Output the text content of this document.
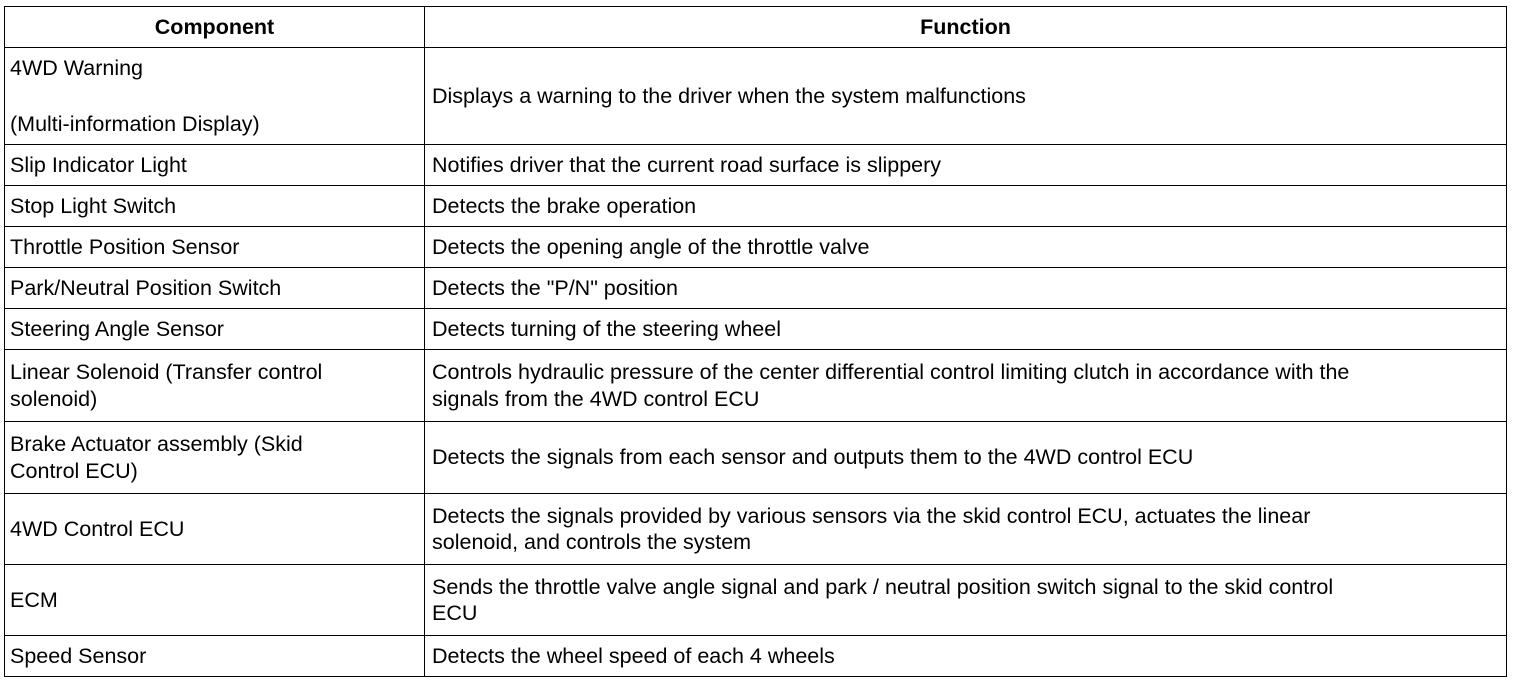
Component	Function

4WD Warning
(Multi-information Display)	Displays a warning to the driver when the system malfunctions
Slip Indicator Light	Notifies driver that the current road surface is slippery
Stop Light Switch	Detects the brake operation
Throttle Position Sensor	Detects the opening angle of the throttle valve
Park/Neutral Position Switch	Detects the "P/N" position
Steering Angle Sensor	Detects turning of the steering wheel

Linear Solenoid (Transfer control
solenoid)	Controls hydraulic pressure of the center differential control limiting clutch in accordance with the
signals from the 4WD control ECU

Brake Actuator assembly (Skid
Control ECU)	Detects the signals from each sensor and outputs them to the 4WD control ECU
4WD Control ECU	Detects the signals provided by various sensors via the skid control ECU, actuates the linear
solenoid, and controls the system

ECM	Sends the throttle valve angle signal and park / neutral position switch signal to the skid control
ECU

Speed Sensor	Detects the wheel speed of each 4 wheels
